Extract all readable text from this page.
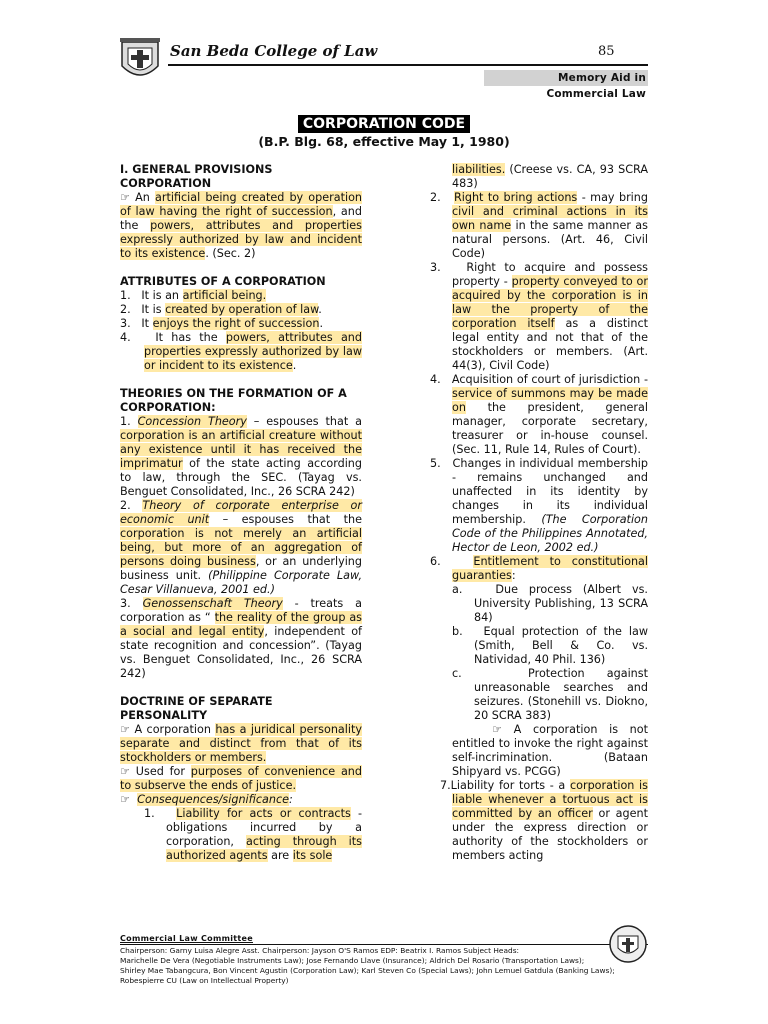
San Beda College of Law	85
Memory Aid in Commercial Law
CORPORATION CODE
(B.P. Blg. 68, effective May 1, 1980)

I. GENERAL PROVISIONS

CORPORATION

☞ An artificial being created by operation of law having the right of succession, and the powers, attributes and properties expressly authorized by law and incident to its existence. (Sec. 2)

ATTRIBUTES OF A CORPORATION

1.   It is an artificial being.

2.   It is created by operation of law.

3.   It enjoys the right of succession.

4.   It has the powers, attributes and properties expressly authorized by law or incident to its existence.

THEORIES ON THE FORMATION OF A

CORPORATION:

1. Concession Theory – espouses that a corporation is an artificial creature without any existence until it has received the imprimatur of the state acting according to law, through the SEC. (Tayag vs. Benguet Consolidated, Inc., 26 SCRA 242)

2. Theory of corporate enterprise or economic unit – espouses that the corporation is not merely an artificial being, but more of an aggregation of persons doing business, or an underlying business unit. (Philippine Corporate Law, Cesar Villanueva, 2001 ed.)

3. Genossenschaft Theory - treats a corporation as “ the reality of the group as a social and legal entity, independent of state recognition and concession”. (Tayag vs. Benguet Consolidated, Inc., 26 SCRA 242)

DOCTRINE OF SEPARATE PERSONALITY

☞ A corporation has a juridical personality separate and distinct from that of its stockholders or members.

☞ Used for purposes of convenience and to subserve the ends of justice.

☞  Consequences/significance:

1.   Liability for acts or contracts - obligations incurred by a corporation, acting through its authorized agents are its sole

liabilities. (Creese vs. CA, 93 SCRA 483)

2.   Right to bring actions - may bring civil and criminal actions in its own name in the same manner as natural persons. (Art. 46, Civil Code)

3.   Right to acquire and possess property - property conveyed to or acquired by the corporation is in law the property of the corporation itself as a distinct legal entity and not that of the stockholders or members. (Art. 44(3), Civil Code)

4.   Acquisition of court of jurisdiction - service of summons may be made on the president, general manager, corporate secretary, treasurer or in-house counsel. (Sec. 11, Rule 14, Rules of Court).

5.   Changes in individual membership - remains unchanged and unaffected in its identity by changes in its individual membership. (The Corporation Code of the Philippines Annotated, Hector de Leon, 2002 ed.)

6.   Entitlement to constitutional guaranties:

a.   Due process (Albert vs. University Publishing, 13 SCRA 84)

b.   Equal protection of the law (Smith, Bell & Co. vs. Natividad, 40 Phil. 136)

c.   Protection against unreasonable searches and seizures. (Stonehill vs. Diokno, 20 SCRA 383)

☞ A corporation is not entitled to invoke the right against self-incrimination. (Bataan Shipyard vs. PCGG)

7.Liability for torts - a corporation is liable whenever a tortuous act is committed by an officer or agent under the express direction or authority of the stockholders or members acting

Commercial Law Committee
Chairperson: Garny Luisa Alegre Asst. Chairperson: Jayson O'S Ramos EDP: Beatrix I. Ramos Subject Heads:
Marichelle De Vera (Negotiable Instruments Law); Jose Fernando Llave (Insurance); Aldrich Del Rosario (Transportation Laws);
Shirley Mae Tabangcura, Bon Vincent Agustin (Corporation Law); Karl Steven Co (Special Laws); John Lemuel Gatdula (Banking Laws);
Robespierre CU (Law on Intellectual Property)
